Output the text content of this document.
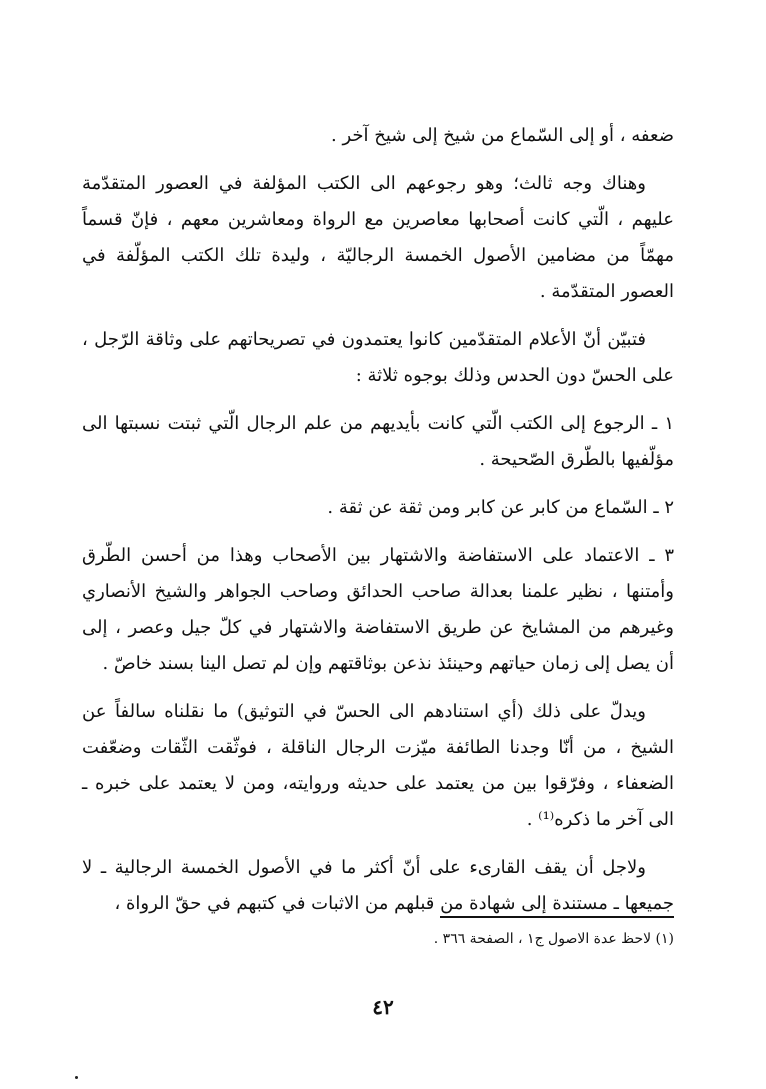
ضعفه ، أو إلى السّماع من شيخ إلى شيخ آخر .

وهناك وجه ثالث؛ وهو رجوعهم الى الكتب المؤلفة في العصور المتقدّمة عليهم ، الّتي كانت أصحابها معاصرين مع الرواة ومعاشرين معهم ، فإنّ قسماً مهمّاً من مضامين الأصول الخمسة الرجاليّة ، وليدة تلك الكتب المؤلّفة في العصور المتقدّمة .

فتبيّن أنّ الأعلام المتقدّمين كانوا يعتمدون في تصريحاتهم على وثاقة الرّجل ، على الحسّ دون الحدس وذلك بوجوه ثلاثة :

١ ـ الرجوع إلى الكتب الّتي كانت بأيديهم من علم الرجال الّتي ثبتت نسبتها الى مؤلّفيها بالطّرق الصّحيحة .

٢ ـ السّماع من كابر عن كابر ومن ثقة عن ثقة .

٣ ـ الاعتماد على الاستفاضة والاشتهار بين الأصحاب وهذا من أحسن الطّرق وأمتنها ، نظير علمنا بعدالة صاحب الحدائق وصاحب الجواهر والشيخ الأنصاري وغيرهم من المشايخ عن طريق الاستفاضة والاشتهار في كلّ جيل وعصر ، إلى أن يصل إلى زمان حياتهم وحينئذ نذعن بوثاقتهم وإن لم تصل الينا بسند خاصّ .

ويدلّ على ذلك (أي استنادهم الى الحسّ في التوثيق) ما نقلناه سالفاً عن الشيخ ، من أنّا وجدنا الطائفة ميّزت الرجال الناقلة ، فوثّقت الثّقات وضعّفت الضعفاء ، وفرّقوا بين من يعتمد على حديثه وروايته، ومن لا يعتمد على خبره ـ الى آخر ما ذكره⁽¹⁾ .

ولاجل أن يقف القارىء على أنّ أكثر ما في الأصول الخمسة الرجالية ـ لا جميعها ـ مستندة إلى شهادة من قبلهم من الاثبات في كتبهم في حقّ الرواة ،

(١) لاحظ عدة الاصول ج١ ، الصفحة ٣٦٦ .
٤٢
